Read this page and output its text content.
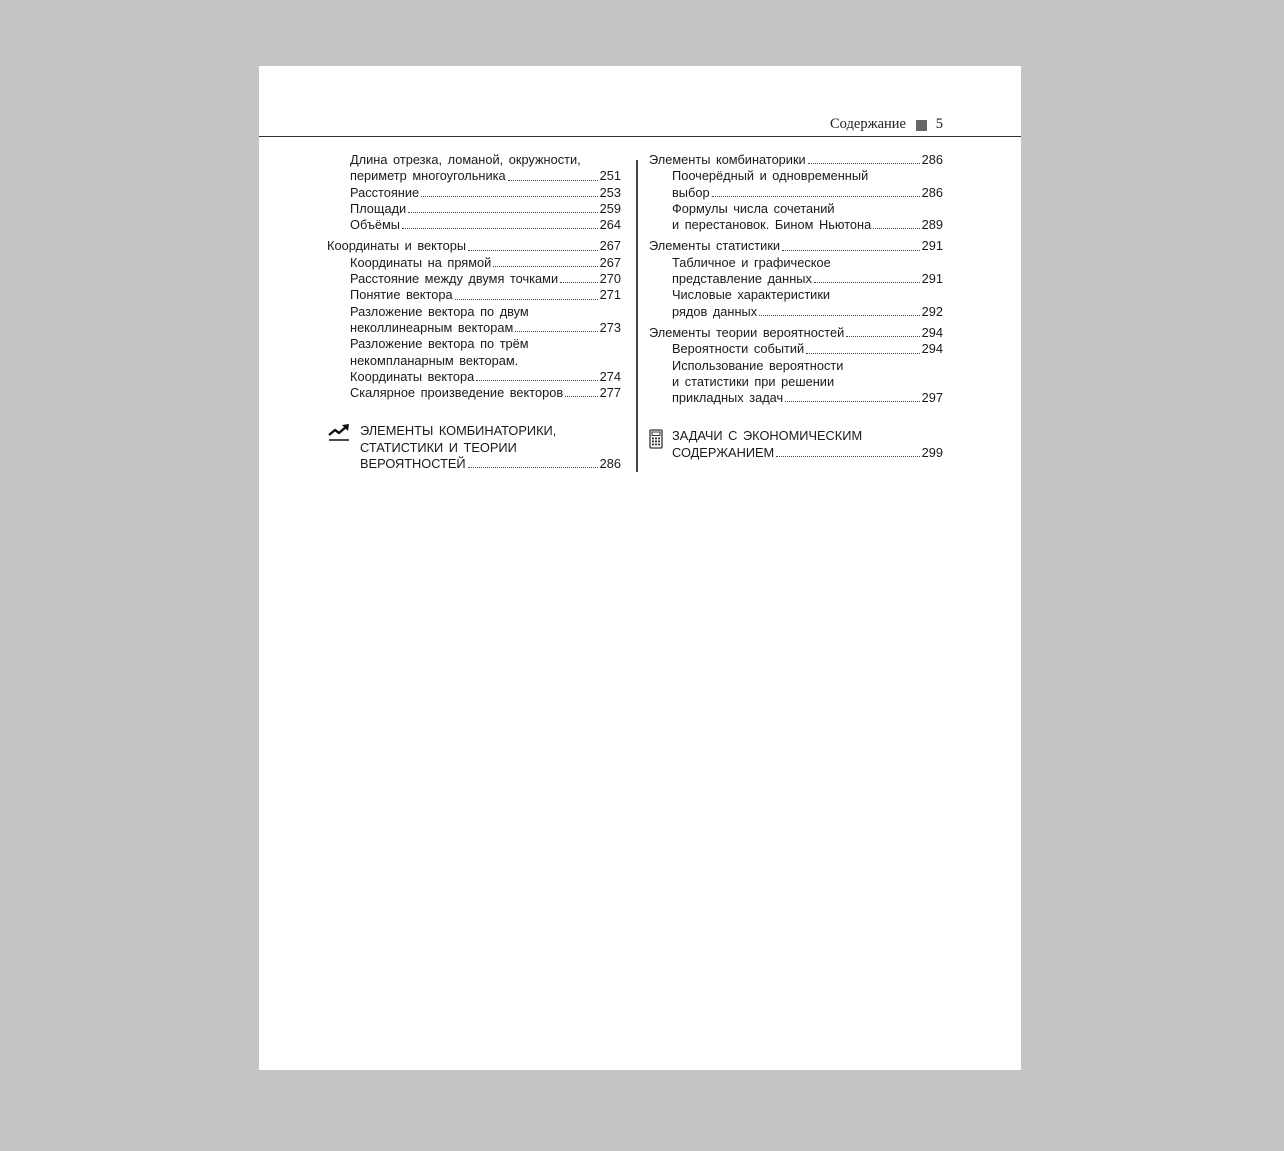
Содержание 5
Длина отрезка, ломаной, окружности,
периметр многоугольника	251
Расстояние	253
Площади	259
Объёмы	264
Координаты и векторы	267
Координаты на прямой	267
Расстояние между двумя точками	270
Понятие вектора	271
Разложение вектора по двум
неколлинеарным векторам	273
Разложение вектора по трём
некомпланарным векторам.
Координаты вектора	274
Скалярное произведение векторов	277
ЭЛЕМЕНТЫ КОМБИНАТОРИКИ,
СТАТИСТИКИ И ТЕОРИИ
ВЕРОЯТНОСТЕЙ	286
Элементы комбинаторики	286
Поочерёдный и одновременный
выбор	286
Формулы числа сочетаний
и перестановок. Бином Ньютона	289
Элементы статистики	291
Табличное и графическое
представление данных	291
Числовые характеристики
рядов данных	292
Элементы теории вероятностей	294
Вероятности событий	294
Использование вероятности
и статистики при решении
прикладных задач	297
ЗАДАЧИ С ЭКОНОМИЧЕСКИМ
СОДЕРЖАНИЕМ	299
